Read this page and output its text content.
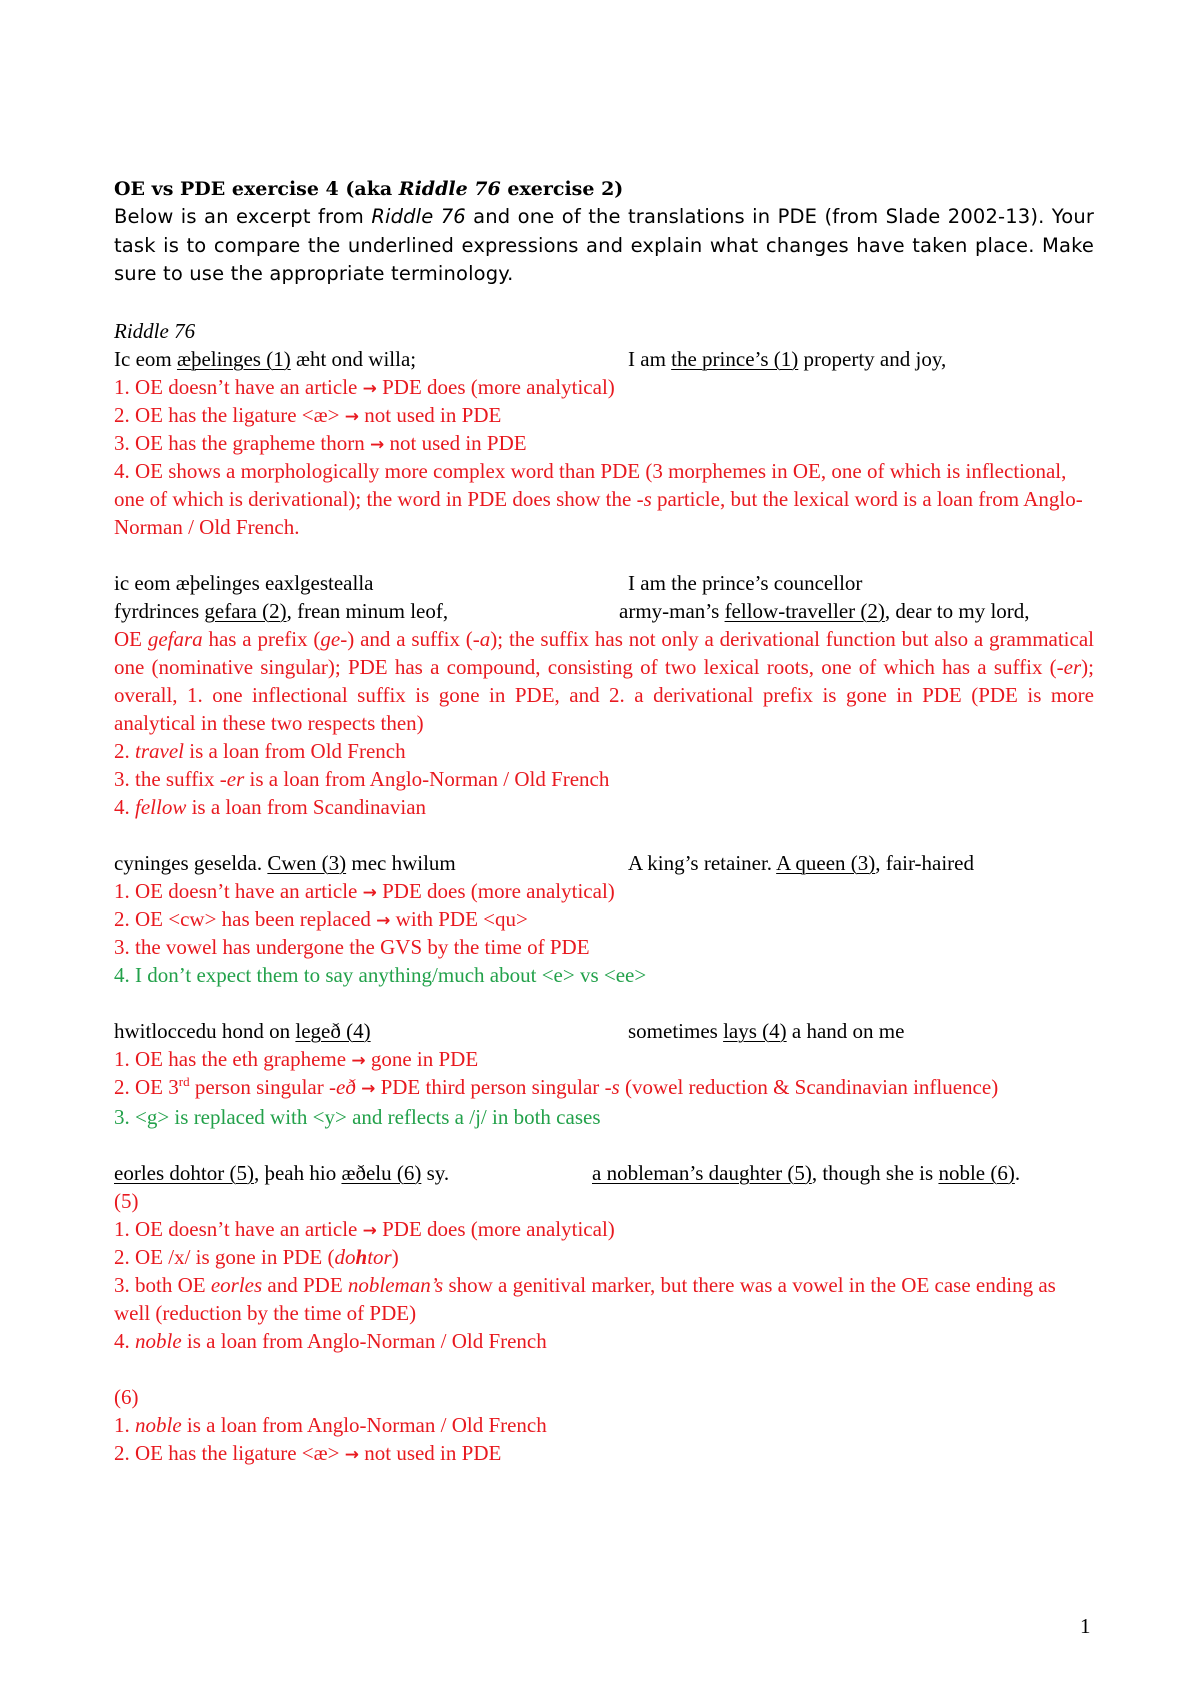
OE vs PDE exercise 4 (aka Riddle 76 exercise 2)
Below is an excerpt from Riddle 76 and one of the translations in PDE (from Slade 2002-13). Your task is to compare the underlined expressions and explain what changes have taken place. Make sure to use the appropriate terminology.
Riddle 76
Ic eom æþelinges (1) æht ond willa;	I am the prince’s (1) property and joy,
1. OE doesn’t have an article → PDE does (more analytical)
2. OE has the ligature <æ> → not used in PDE
3. OE has the grapheme thorn → not used in PDE
4. OE shows a morphologically more complex word than PDE (3 morphemes in OE, one of which is inflectional, one of which is derivational); the word in PDE does show the -s particle, but the lexical word is a loan from Anglo-Norman / Old French.
ic eom æþelinges eaxlgestealla	I am the prince’s councellor
fyrdrinces gefara (2), frean minum leof,	army-man’s fellow-traveller (2), dear to my lord,
OE gefara has a prefix (ge-) and a suffix (-a); the suffix has not only a derivational function but also a grammatical one (nominative singular); PDE has a compound, consisting of two lexical roots, one of which has a suffix (-er); overall, 1. one inflectional suffix is gone in PDE, and 2. a derivational prefix is gone in PDE (PDE is more analytical in these two respects then)
2. travel is a loan from Old French
3. the suffix -er is a loan from Anglo-Norman / Old French
4. fellow is a loan from Scandinavian
cyninges geselda. Cwen (3) mec hwilum	A king’s retainer. A queen (3), fair-haired
1. OE doesn’t have an article → PDE does (more analytical)
2. OE <cw> has been replaced → with PDE <qu>
3. the vowel has undergone the GVS by the time of PDE
4. I don’t expect them to say anything/much about <e> vs <ee>
hwitloccedu hond on legeð (4)	sometimes lays (4) a hand on me
1. OE has the eth grapheme → gone in PDE
2. OE 3rd person singular -eð → PDE third person singular -s (vowel reduction & Scandinavian influence)
3. <g> is replaced with <y> and reflects a /j/ in both cases
eorles dohtor (5), þeah hio æðelu (6) sy.	a nobleman’s daughter (5), though she is noble (6).
(5)
1. OE doesn’t have an article → PDE does (more analytical)
2. OE /x/ is gone in PDE (dohtor)
3. both OE eorles and PDE nobleman’s show a genitival marker, but there was a vowel in the OE case ending as well (reduction by the time of PDE)
4. noble is a loan from Anglo-Norman / Old French
(6)
1. noble is a loan from Anglo-Norman / Old French
2. OE has the ligature <æ> → not used in PDE
1
